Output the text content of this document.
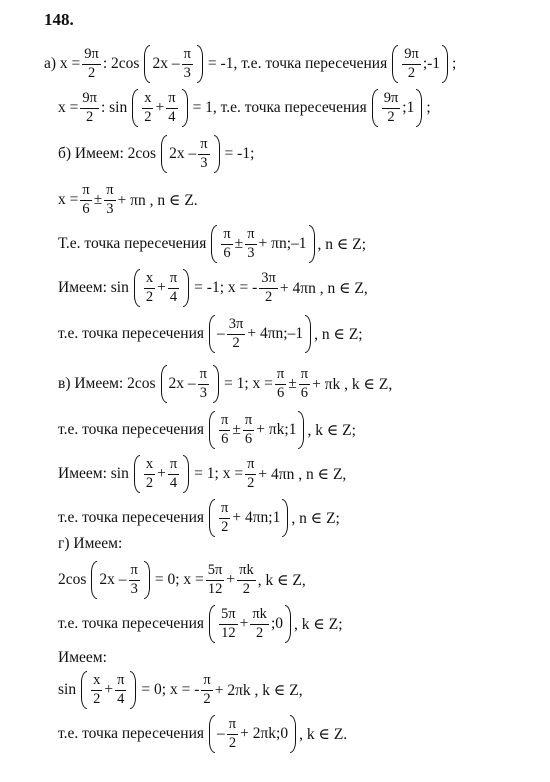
148.
а) $x = \frac{9\pi}{2}$ : 2cos 2x –
π
3
= -1, т.е. точка пересечения
9π
2
;-1 ;
$x = \frac{9\pi}{2}$ : sin
x
2
+ $\frac{\pi}{4} = 1$, т.е. точка пересечения
9π
2
;1 ;
б) Имеем: 2cos 2x –
π
3
= -1;
$x = \frac{\pi}{6} \pm \frac{\pi}{3} + \pi n$ , n ∈ Z.
Т.е. точка пересечения
π
6
± $\frac{\pi}{3}$ + πn;–1 , n ∈ Z;
Имеем: sin
x
2
+ $\frac{\pi}{4} = -1$; x = -
3π
2 + 4πn , n ∈ Z,
т.е. точка пересечения –
3π
2
+ 4πn;–1 , n ∈ Z;
в) Имеем: 2cos 2x –
π
3
= 1; $x = \frac{\pi}{6} \pm \frac{\pi}{6} + \pi k$ , k ∈ Z,
т.е. точка пересечения
π
6
± $\frac{\pi}{6}$ + πk;1 , k ∈ Z;
Имеем: sin
x
2
+ $\frac{\pi}{4} = 1$; $x = \frac{\pi}{2} + 4\pi n$ , n ∈ Z,
т.е. точка пересечения
π
2
+ 4πn;1 , n ∈ Z;
г) Имеем:
2cos 2x –
π
3
= 0; $x = \frac{5\pi}{12} + \frac{\pi k}{2}$ , k ∈ Z,
т.е. точка пересечения
5π
12
+ $\frac{\pi k}{2}$ ;0 , k ∈ Z;
Имеем:
sin
x
2
+ $\frac{\pi}{4} = 0$; x = -
π
2 + 2πk , k ∈ Z,
т.е. точка пересечения –
π
2
+ 2πk;0 , k ∈ Z.
